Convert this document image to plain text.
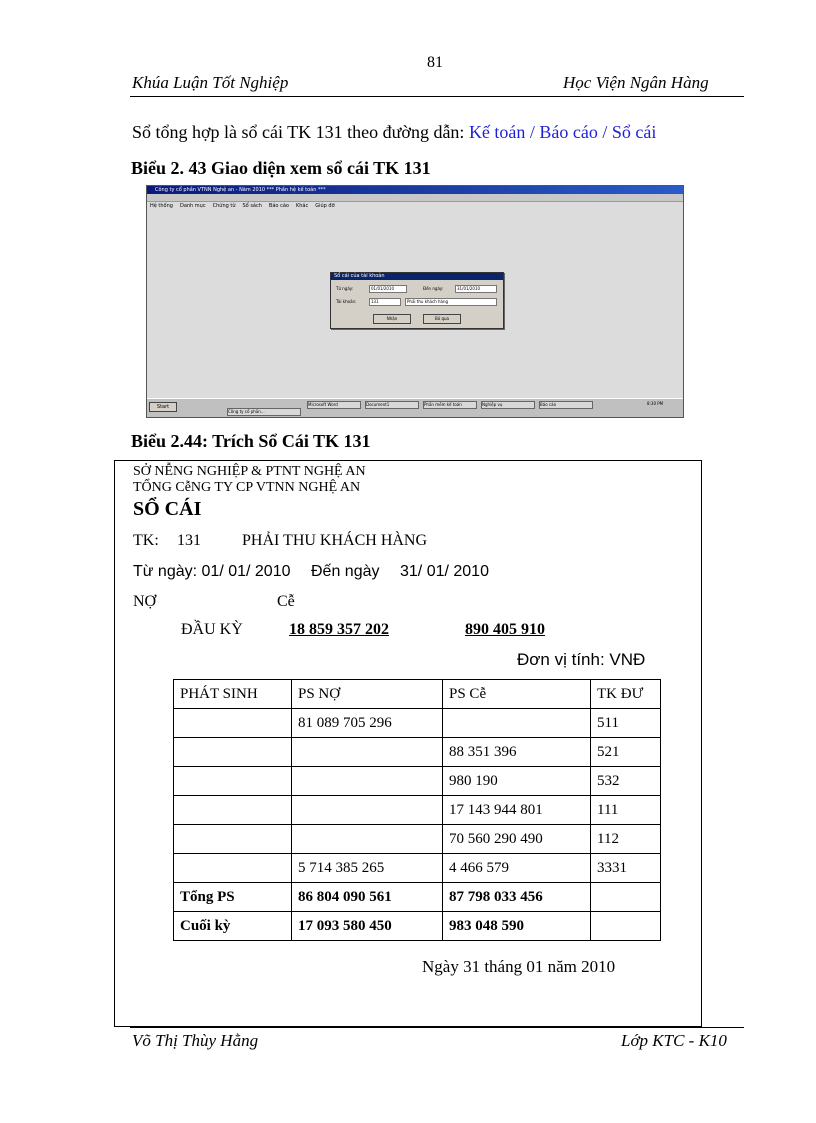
81
Khúa Luận Tốt Nghiệp	Học Viện Ngân Hàng
Sổ tổng hợp là sổ cái TK 131 theo đường dẫn: Kế toán / Báo cáo / Sổ cái
Biểu 2. 43 Giao diện xem sổ cái TK 131
Công ty cổ phần VTNN Nghệ an - Năm 2010 *** Phần hệ kế toán ***
Hệ thống Danh mục Chứng từ Sổ sách Báo cáo Khác Giúp đỡ
Sổ cái của tài khoản
Từ ngày:	01/01/2010	Đến ngày:	31/01/2010
Tài khoản:	131	Phải thu khách hàng
Nhận	Bỏ qua
Start
Công ty cổ phần...
Microsoft Word	Document1	Phần mềm kế toán	Nghiệp vụ	Báo cáo	8:30 PM
Biểu 2.44: Trích Sổ Cái TK 131
SỞ NỄNG NGHIỆP & PTNT NGHỆ AN
TỔNG CễNG TY CP VTNN NGHỆ AN
SỔ CÁI
TK: 131	PHẢI THU KHÁCH HÀNG
Từ ngày: 01/ 01/ 2010 Đến ngày 31/ 01/ 2010
NỢ	Cễ
ĐẦU KỲ	18 859 357 202	890 405 910
Đơn vị tính: VNĐ
PHÁT SINH	PS NỢ	PS Cễ	TK ĐƯ
	81 089 705 296		511
		88 351 396	521
		980 190	532
		17 143 944 801	111
		70 560 290 490	112
	5 714 385 265	4 466 579	3331
Tổng PS	86 804 090 561	87 798 033 456	
Cuối kỳ	17 093 580 450	983 048 590	
Ngày 31 tháng 01 năm 2010
Võ Thị Thùy Hằng	Lớp KTC - K10
